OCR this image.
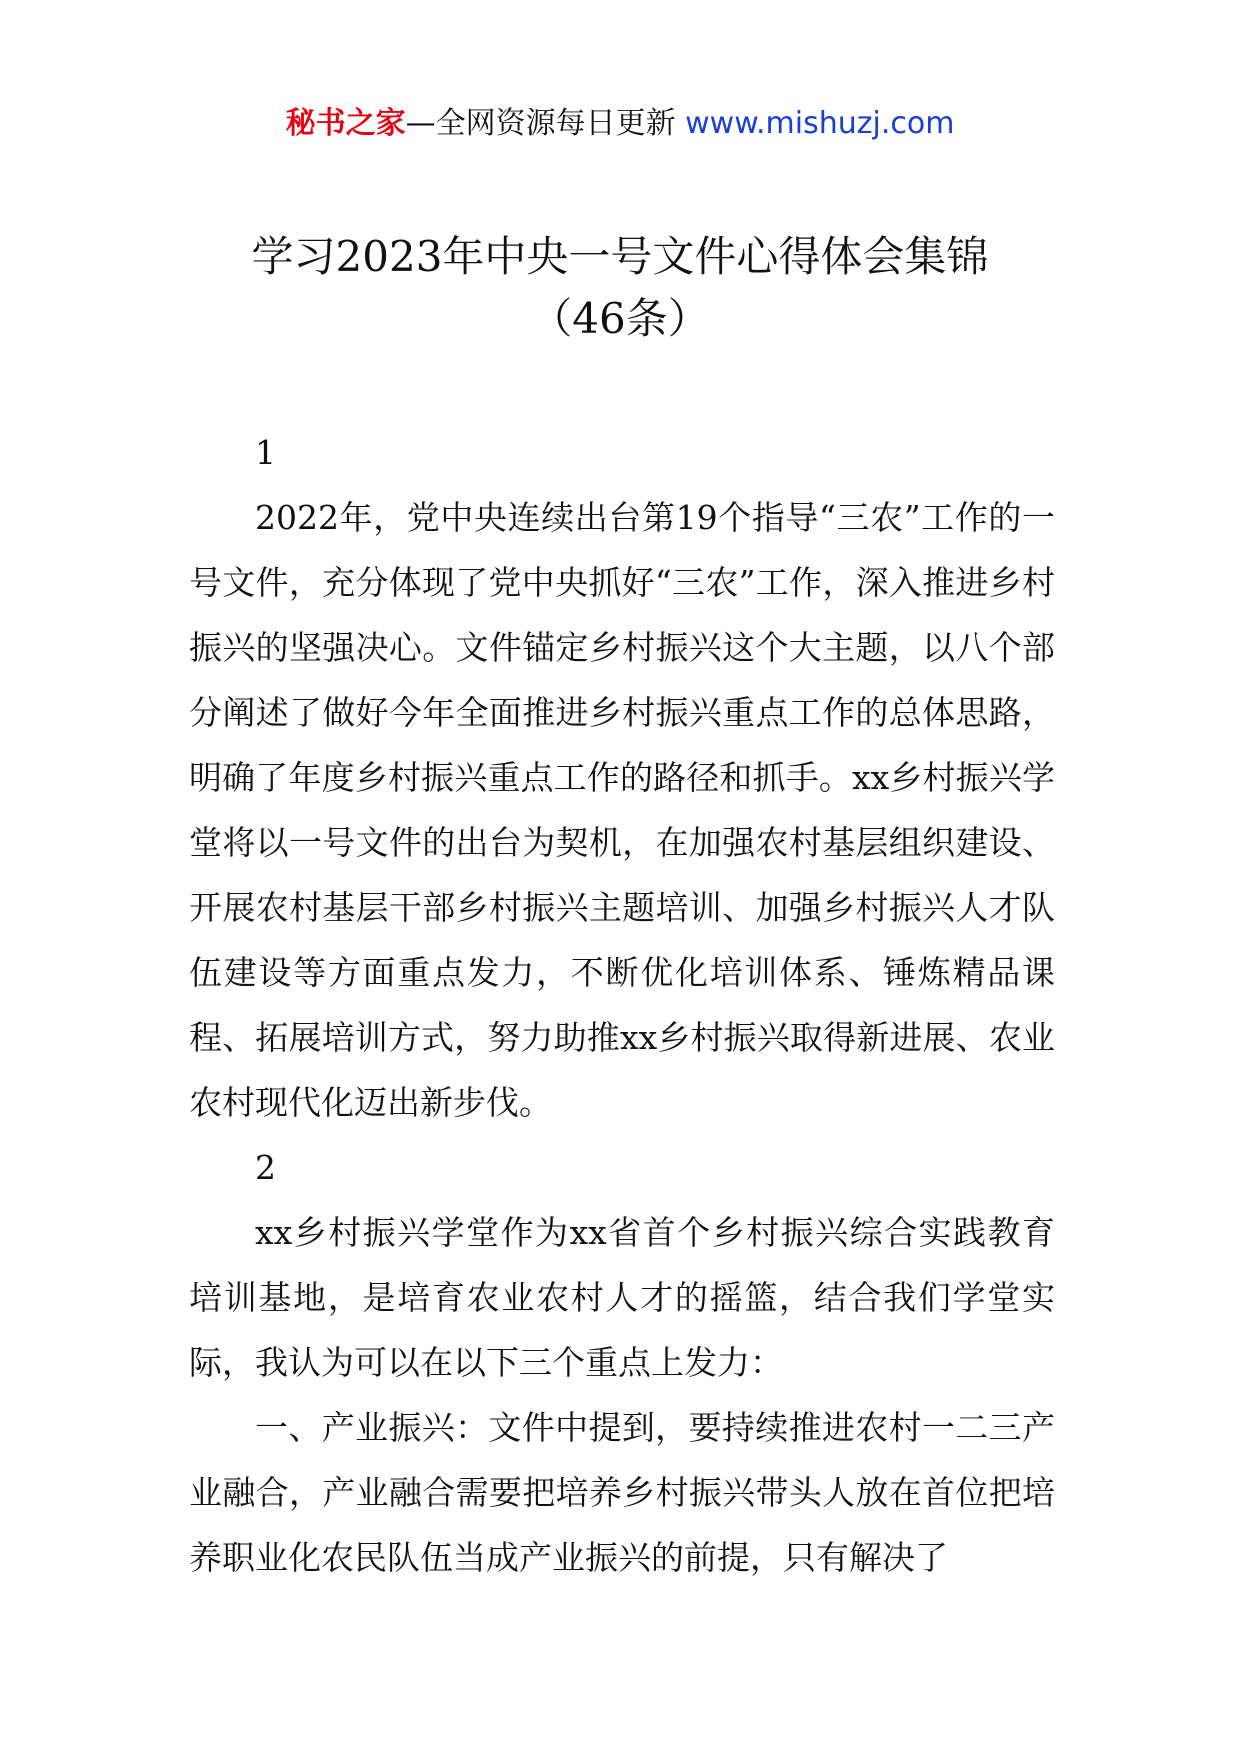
秘书之家—全网资源每日更新 www.mishuzj.com
学习2023年中央一号文件心得体会集锦
（46条）

1

2022年，党中央连续出台第19个指导“三农”工作的一号文件，充分体现了党中央抓好“三农”工作，深入推进乡村振兴的坚强决心。文件锚定乡村振兴这个大主题，以八个部分阐述了做好今年全面推进乡村振兴重点工作的总体思路，明确了年度乡村振兴重点工作的路径和抓手。xx乡村振兴学堂将以一号文件的出台为契机，在加强农村基层组织建设、开展农村基层干部乡村振兴主题培训、加强乡村振兴人才队伍建设等方面重点发力，不断优化培训体系、锤炼精品课程、拓展培训方式，努力助推xx乡村振兴取得新进展、农业农村现代化迈出新步伐。

2

xx乡村振兴学堂作为xx省首个乡村振兴综合实践教育培训基地，是培育农业农村人才的摇篮，结合我们学堂实际，我认为可以在以下三个重点上发力：

一、产业振兴：文件中提到，要持续推进农村一二三产业融合，产业融合需要把培养乡村振兴带头人放在首位把培养职业化农民队伍当成产业振兴的前提，只有解决了
